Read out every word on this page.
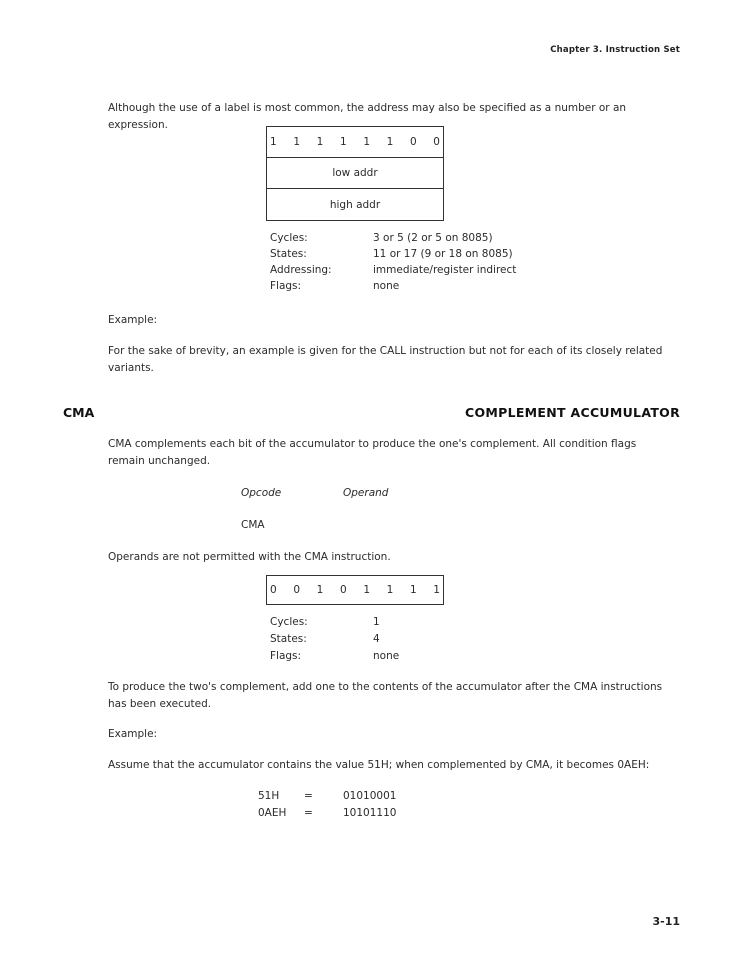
Chapter 3. Instruction Set
Although the use of a label is most common, the address may also be specified as a number or an expression.
1 1 1 1 1 1 0 0
low addr
high addr
Cycles:	3 or 5 (2 or 5 on 8085)
States:	11 or 17 (9 or 18 on 8085)
Addressing:	immediate/register indirect
Flags:	none
Example:
For the sake of brevity, an example is given for the CALL instruction but not for each of its closely related variants.
CMA	COMPLEMENT ACCUMULATOR
CMA complements each bit of the accumulator to produce the one's complement. All condition flags remain unchanged.
Opcode	Operand
CMA
Operands are not permitted with the CMA instruction.
0 0 1 0 1 1 1 1
Cycles:	1
States:	4
Flags:	none
To produce the two's complement, add one to the contents of the accumulator after the CMA instructions has been executed.
Example:
Assume that the accumulator contains the value 51H; when complemented by CMA, it becomes 0AEH:
51H	=	01010001
0AEH	=	10101110
3-11
